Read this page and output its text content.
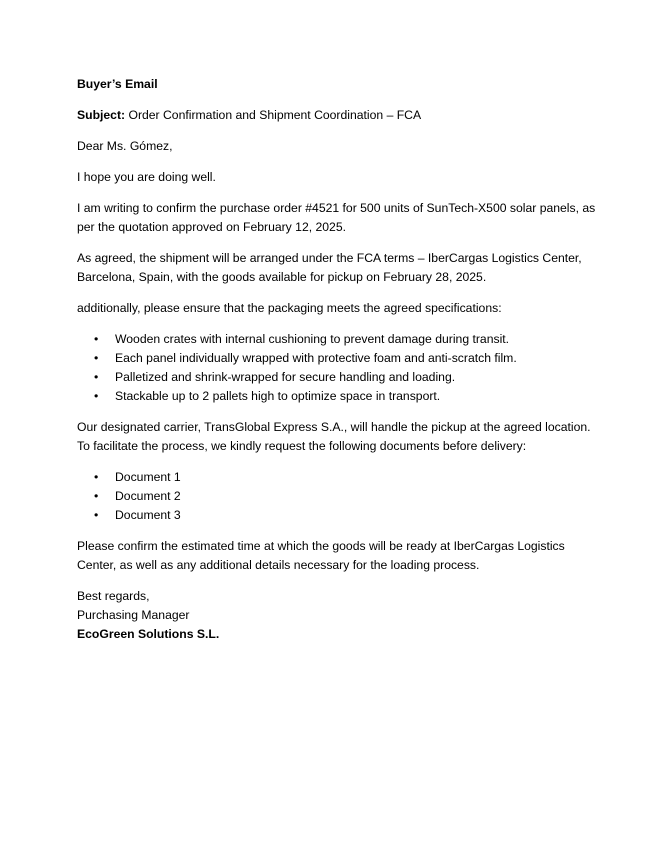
Buyer’s Email

Subject: Order Confirmation and Shipment Coordination – FCA

Dear Ms. Gómez,

I hope you are doing well.

I am writing to confirm the purchase order #4521 for 500 units of SunTech-X500 solar panels, as per the quotation approved on February 12, 2025.

As agreed, the shipment will be arranged under the FCA terms – IberCargas Logistics Center, Barcelona, Spain, with the goods available for pickup on February 28, 2025.

additionally, please ensure that the packaging meets the agreed specifications:

• Wooden crates with internal cushioning to prevent damage during transit.
• Each panel individually wrapped with protective foam and anti-scratch film.
• Palletized and shrink-wrapped for secure handling and loading.
• Stackable up to 2 pallets high to optimize space in transport.

Our designated carrier, TransGlobal Express S.A., will handle the pickup at the agreed location. To facilitate the process, we kindly request the following documents before delivery:

• Document 1
• Document 2
• Document 3

Please confirm the estimated time at which the goods will be ready at IberCargas Logistics Center, as well as any additional details necessary for the loading process.

Best regards,

Purchasing Manager

EcoGreen Solutions S.L.
